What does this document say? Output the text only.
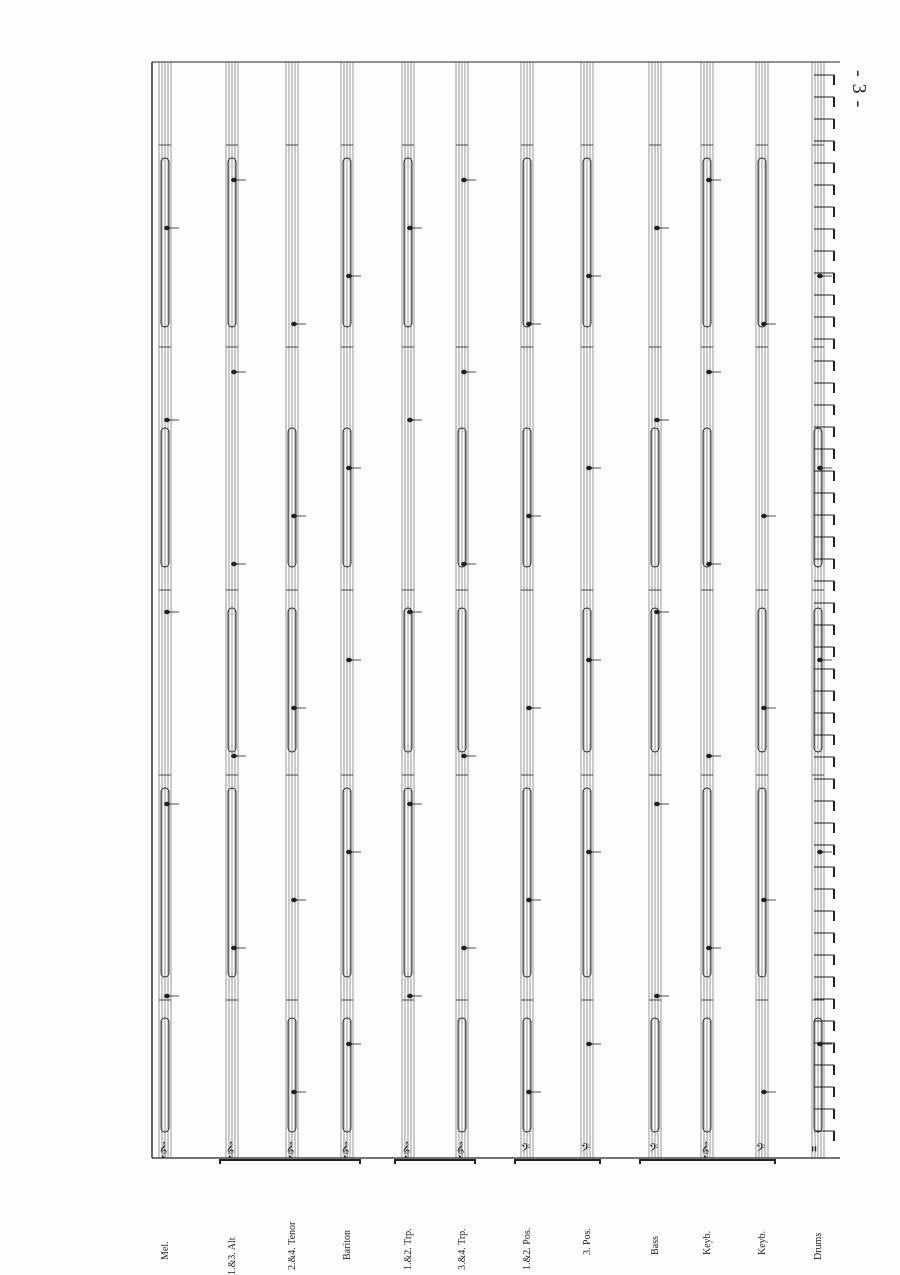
𝄞	𝄞	𝄞	𝄞	𝄞	𝄞	𝄢	𝄢	𝄢	𝄞	𝄢	𝄥
Mel.	1.&3. Alt	2.&4. Tenor	Bariton	1.&2. Trp.	3.&4. Trp.	1.&2. Pos.	3. Pos.	Bass	Keyb.	Keyb.	Drums
- 3 -
